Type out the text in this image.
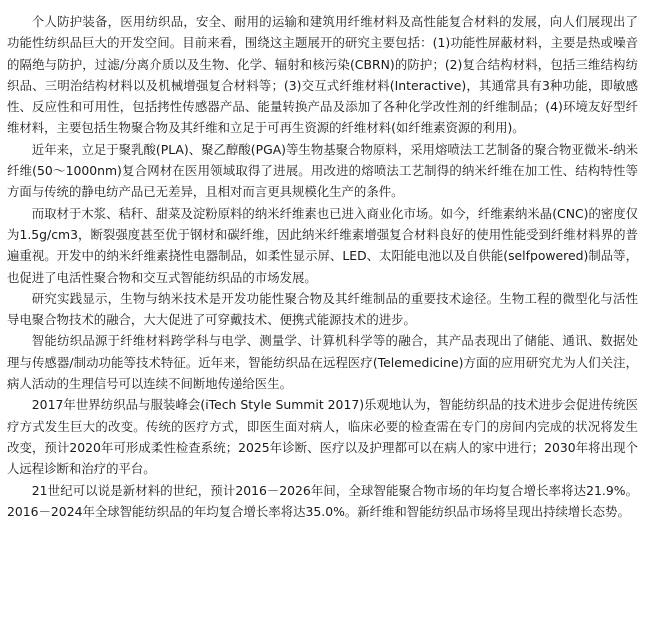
个人防护装备，医用纺织品，安全、耐用的运输和建筑用纤维材料及高性能复合材料的发展，向人们展现出了功能性纺织品巨大的开发空间。目前来看，围绕这主题展开的研究主要包括：(1)功能性屏蔽材料，主要是热或噪音的隔绝与防护，过滤/分离介质以及生物、化学、辐射和核污染(CBRN)的防护；(2)复合结构材料，包括三维结构纺织品、三明治结构材料以及机械增强复合材料等；(3)交互式纤维材料(Interactive)，其通常具有3种功能，即敏感性、反应性和可用性，包括拷性传感器产品、能量转换产品及添加了各种化学改性剂的纤维制品；(4)环境友好型纤维材料，主要包括生物聚合物及其纤维和立足于可再生资源的纤维材料(如纤维素资源的利用)。

近年来，立足于聚乳酸(PLA)、聚乙醇酸(PGA)等生物基聚合物原料，采用熔喷法工艺制备的聚合物亚微米-纳米纤维(50～1000nm)复合网材在医用领域取得了进展。用改进的熔喷法工艺制得的纳米纤维在加工性、结构特性等方面与传统的静电纺产品已无差异，且相对而言更具规模化生产的条件。

而取材于木浆、秸秆、甜菜及淀粉原料的纳米纤维素也已进入商业化市场。如今，纤维素纳米晶(CNC)的密度仅为1.5g/cm3，断裂强度甚至优于钢材和碳纤维，因此纳米纤维素增强复合材料良好的使用性能受到纤维材料界的普遍重视。开发中的纳米纤维素挠性电器制品，如柔性显示屏、LED、太阳能电池以及自供能(selfpowered)制品等，也促进了电活性聚合物和交互式智能纺织品的市场发展。

研究实践显示，生物与纳米技术是开发功能性聚合物及其纤维制品的重要技术途径。生物工程的微型化与活性导电聚合物技术的融合，大大促进了可穿戴技术、便携式能源技术的进步。

智能纺织品源于纤维材料跨学科与电学、测量学、计算机科学等的融合，其产品表现出了储能、通讯、数据处理与传感器/制动功能等技术特征。近年来，智能纺织品在远程医疗(Telemedicine)方面的应用研究尤为人们关注，病人活动的生理信号可以连续不间断地传递给医生。

2017年世界纺织品与服装峰会(iTech Style Summit 2017)乐观地认为，智能纺织品的技术进步会促进传统医疗方式发生巨大的改变。传统的医疗方式，即医生面对病人，临床必要的检查需在专门的房间内完成的状况将发生改变，预计2020年可形成柔性检查系统；2025年诊断、医疗以及护理都可以在病人的家中进行；2030年将出现个人远程诊断和治疗的平台。

21世纪可以说是新材料的世纪，预计2016－2026年间，全球智能聚合物市场的年均复合增长率将达21.9%。2016－2024年全球智能纺织品的年均复合增长率将达35.0%。新纤维和智能纺织品市场将呈现出持续增长态势。
